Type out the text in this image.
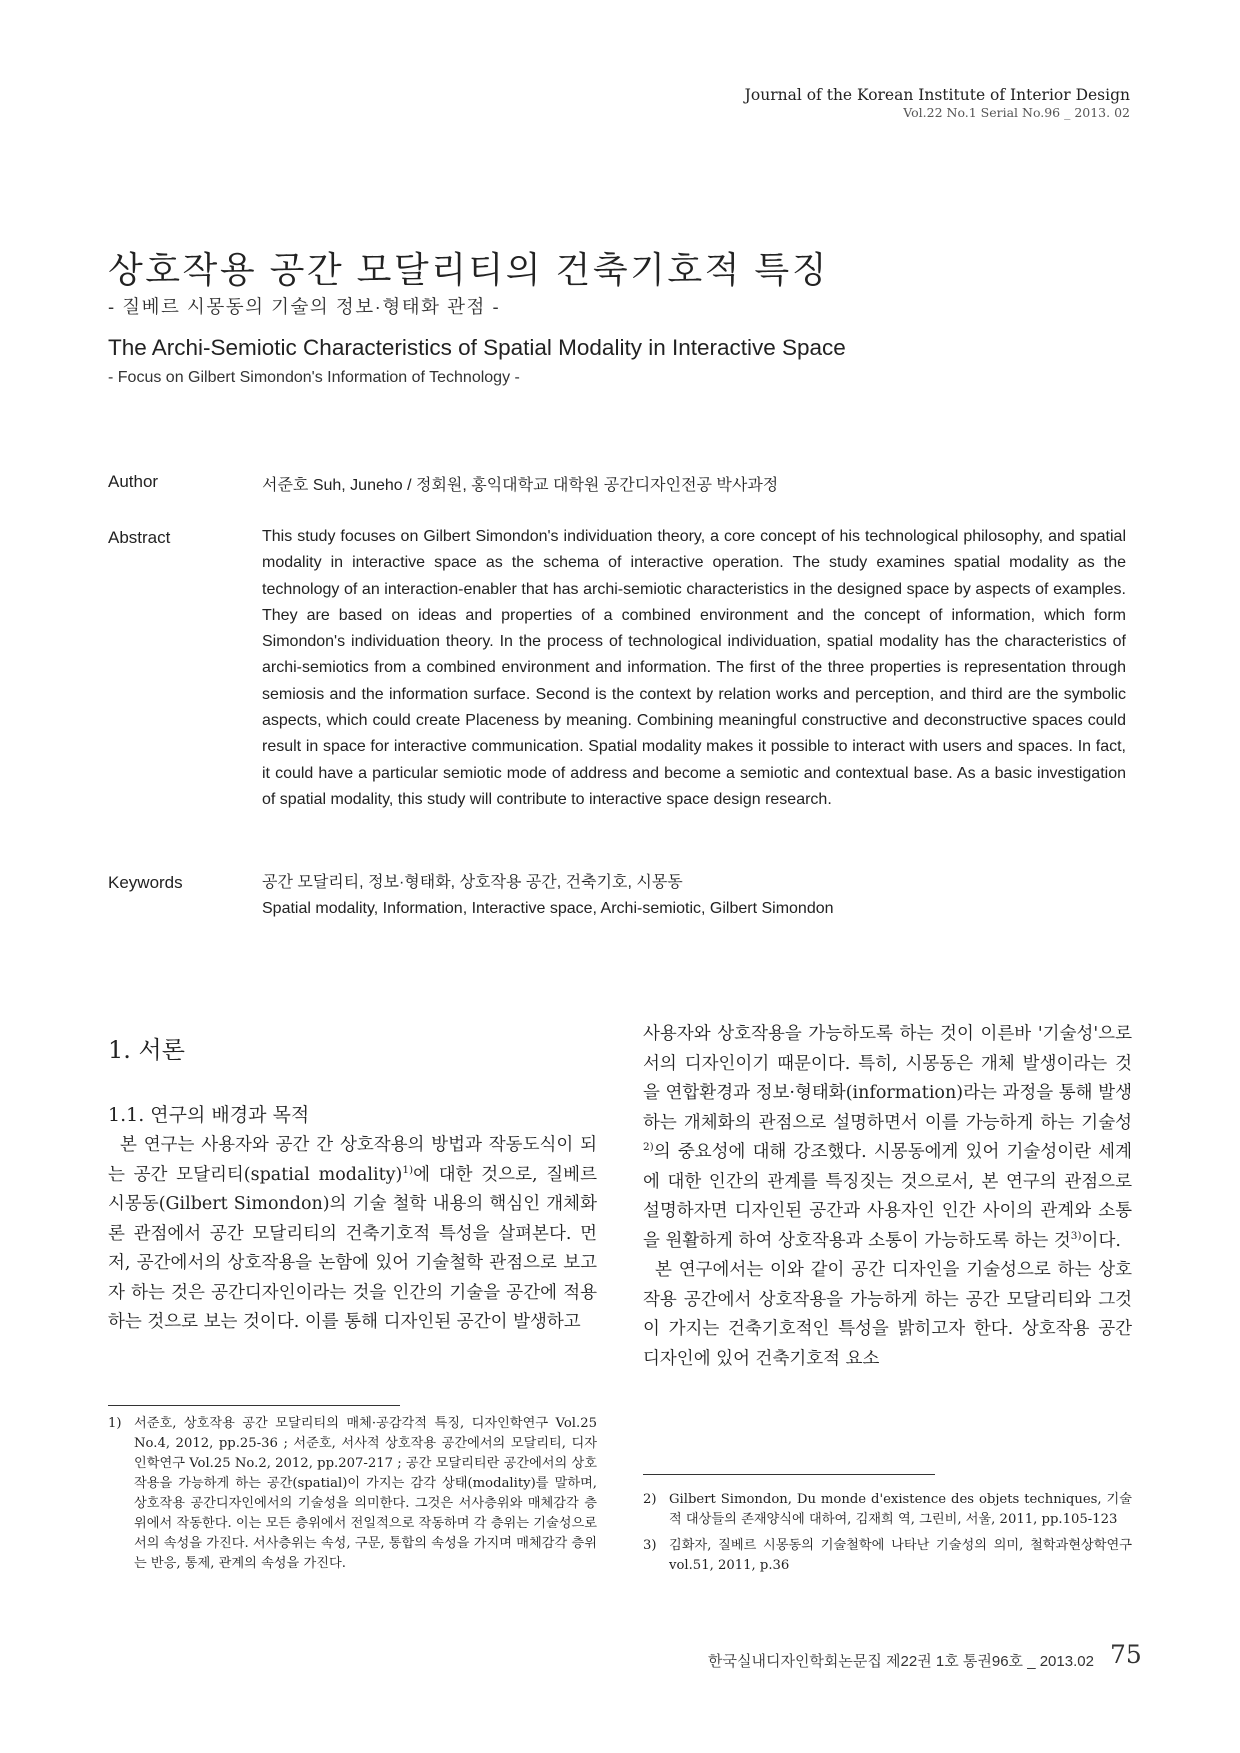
Journal of the Korean Institute of Interior Design
Vol.22 No.1 Serial No.96 _ 2013. 02
상호작용 공간 모달리티의 건축기호적 특징
- 질베르 시몽동의 기술의 정보·형태화 관점 -
The Archi-Semiotic Characteristics of Spatial Modality in Interactive Space
- Focus on Gilbert Simondon's Information of Technology -
Author	서준호 Suh, Juneho / 정회원, 홍익대학교 대학원 공간디자인전공 박사과정
Abstract	This study focuses on Gilbert Simondon's individuation theory, a core concept of his technological philosophy, and spatial modality in interactive space as the schema of interactive operation. The study examines spatial modality as the technology of an interaction-enabler that has archi-semiotic characteristics in the designed space by aspects of examples. They are based on ideas and properties of a combined environment and the concept of information, which form Simondon's individuation theory. In the process of technological individuation, spatial modality has the characteristics of archi-semiotics from a combined environment and information. The first of the three properties is representation through semiosis and the information surface. Second is the context by relation works and perception, and third are the symbolic aspects, which could create Placeness by meaning. Combining meaningful constructive and deconstructive spaces could result in space for interactive communication. Spatial modality makes it possible to interact with users and spaces. In fact, it could have a particular semiotic mode of address and become a semiotic and contextual base. As a basic investigation of spatial modality, this study will contribute to interactive space design research.
Keywords	공간 모달리티, 정보·형태화, 상호작용 공간, 건축기호, 시몽동
Spatial modality, Information, Interactive space, Archi-semiotic, Gilbert Simondon
1. 서론
1.1. 연구의 배경과 목적

본 연구는 사용자와 공간 간 상호작용의 방법과 작동도식이 되는 공간 모달리티(spatial modality)$^{1)}$에 대한 것으로, 질베르 시몽동(Gilbert Simondon)의 기술 철학 내용의 핵심인 개체화론 관점에서 공간 모달리티의 건축기호적 특성을 살펴본다. 먼저, 공간에서의 상호작용을 논함에 있어 기술철학 관점으로 보고자 하는 것은 공간디자인이라는 것을 인간의 기술을 공간에 적용하는 것으로 보는 것이다. 이를 통해 디자인된 공간이 발생하고

1) 서준호, 상호작용 공간 모달리티의 매체·공감각적 특징, 디자인학연구 Vol.25 No.4, 2012, pp.25-36 ; 서준호, 서사적 상호작용 공간에서의 모달리티, 디자인학연구 Vol.25 No.2, 2012, pp.207-217 ; 공간 모달리티란 공간에서의 상호작용을 가능하게 하는 공간(spatial)이 가지는 감각 상태(modality)를 말하며, 상호작용 공간디자인에서의 기술성을 의미한다. 그것은 서사층위와 매체감각 층위에서 작동한다. 이는 모든 층위에서 전일적으로 작동하며 각 층위는 기술성으로서의 속성을 가진다. 서사층위는 속성, 구문, 통합의 속성을 가지며 매체감각 층위는 반응, 통제, 관계의 속성을 가진다.

사용자와 상호작용을 가능하도록 하는 것이 이른바 '기술성'으로서의 디자인이기 때문이다. 특히, 시몽동은 개체 발생이라는 것을 연합환경과 정보·형태화(information)라는 과정을 통해 발생하는 개체화의 관점으로 설명하면서 이를 가능하게 하는 기술성$^{2)}$의 중요성에 대해 강조했다. 시몽동에게 있어 기술성이란 세계에 대한 인간의 관계를 특징짓는 것으로서, 본 연구의 관점으로 설명하자면 디자인된 공간과 사용자인 인간 사이의 관계와 소통을 원활하게 하여 상호작용과 소통이 가능하도록 하는 것$^{3)}$이다.

본 연구에서는 이와 같이 공간 디자인을 기술성으로 하는 상호작용 공간에서 상호작용을 가능하게 하는 공간 모달리티와 그것이 가지는 건축기호적인 특성을 밝히고자 한다. 상호작용 공간 디자인에 있어 건축기호적 요소

2) Gilbert Simondon, Du monde d'existence des objets techniques, 기술적 대상들의 존재양식에 대하여, 김재희 역, 그린비, 서울, 2011, pp.105-123

3) 김화자, 질베르 시몽동의 기술철학에 나타난 기술성의 의미, 철학과현상학연구 vol.51, 2011, p.36

한국실내디자인학회논문집 제22권 1호 통권96호 _ 2013.02 75
